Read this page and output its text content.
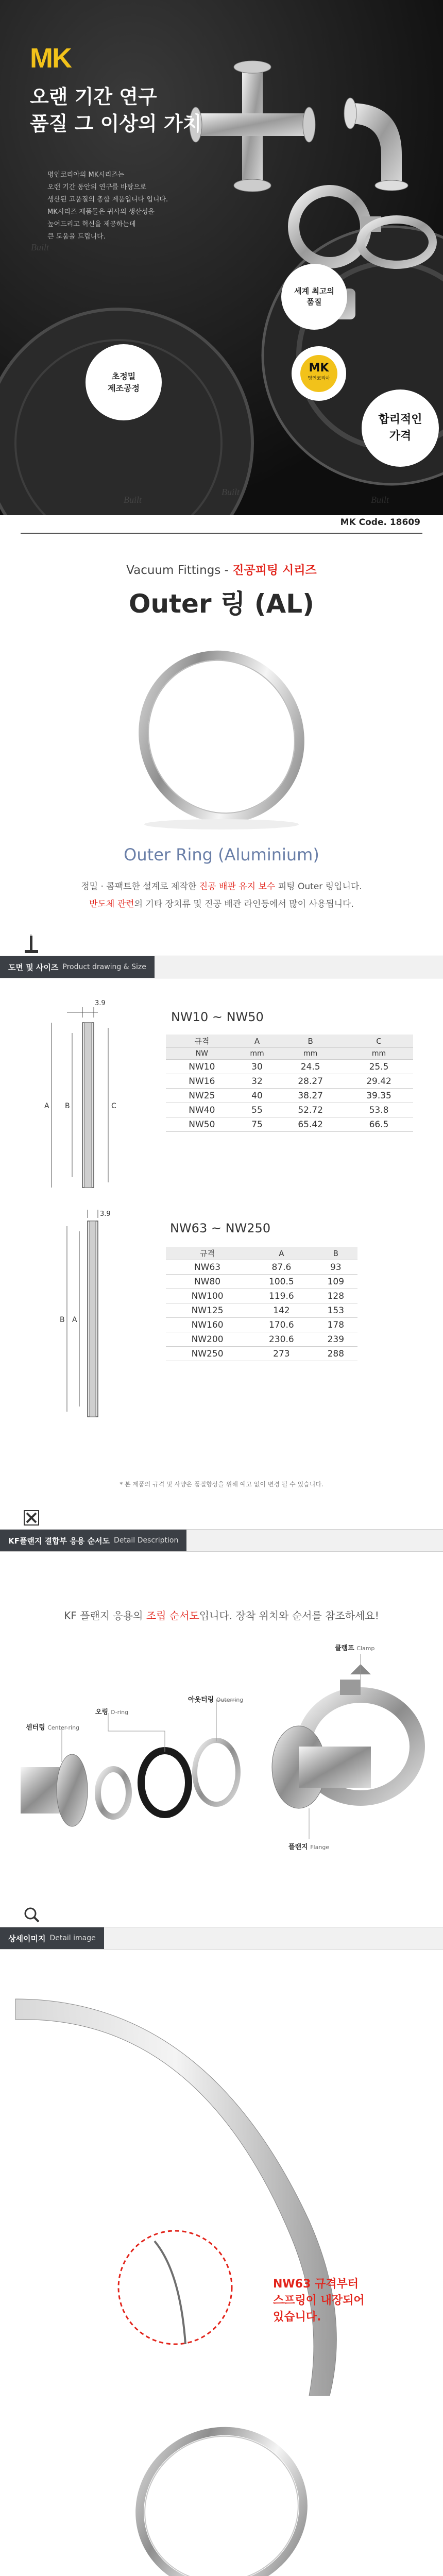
MK
오랜 기간 연구
품질 그 이상의 가치
명인코리아의 MK시리즈는
오랜 기간 동안의 연구를 바탕으로
생산된 고품질의 총합 제품입니다 입니다.
MK시리즈 제품들은 귀사의 생산성을
높여드리고 혁신을 제공하는데
큰 도움을 드립니다.
세계 최고의
품질
초정밀
제조공정
MK
명인코리아
합리적인
가격
Built
Built
Built
Built
MK Code. 18609
Vacuum Fittings - 진공피팅 시리즈
Outer 링 (AL)
Outer Ring (Aluminium)
정밀 · 콤팩트한 설계로 제작한 진공 배관 유지 보수 피팅 Outer 링입니다.
반도체 관련의 기타 장치류 및 진공 배관 라인등에서 많이 사용됩니다.
도면 및 사이즈 Product drawing & Size
3.9
A B	C
NW10 ~ NW50
규격	A	B	C
NW	mm	mm	mm
NW10	30	24.5	25.5
NW16	32	28.27	29.42
NW25	40	38.27	39.35
NW40	55	52.72	53.8
NW50	75	65.42	66.5
3.9
B A
NW63 ~ NW250
규격	A	B
NW63	87.6	93
NW80	100.5	109
NW100	119.6	128
NW125	142	153
NW160	170.6	178
NW200	230.6	239
NW250	273	288
* 본 제품의 규격 및 사양은 품질향상을 위해 예고 없이 변경 될 수 있습니다.
KF플랜지 결합부 응용 순서도 Detail Description
KF 플랜지 응용의 조립 순서도입니다. 장착 위치와 순서를 참조하세요!
클램프 Clamp
아웃터링 Outerring
오링 O-ring
센터링 Center-ring
플랜지 Flange
상세이미지 Detail image
NW63 규격부터
스프링이 내장되어 있습니다.
